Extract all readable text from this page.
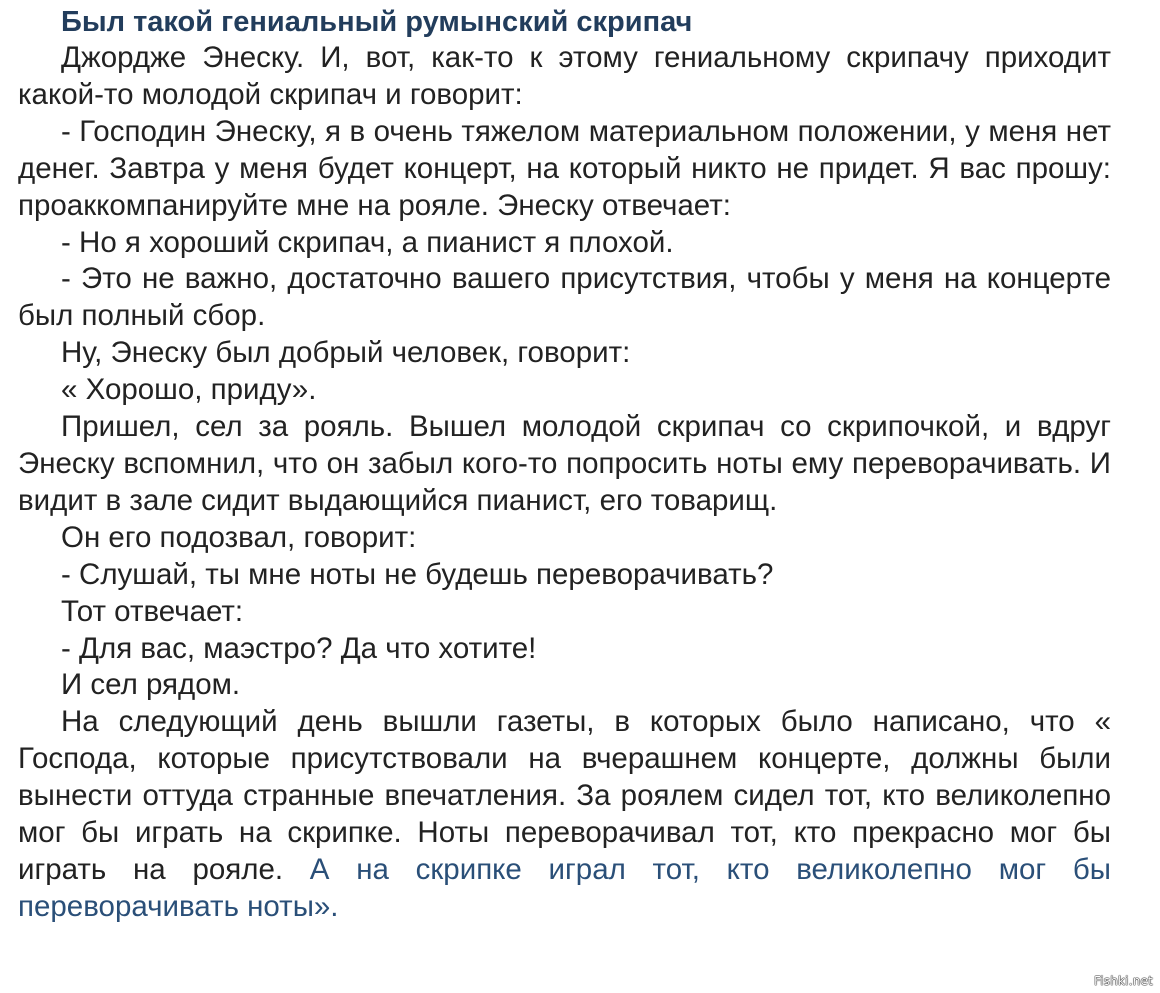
Был такой гениальный румынский скрипач

Джордже Энеску. И, вот, как-то к этому гениальному скрипачу приходит какой-то молодой скрипач и говорит:

- Господин Энеску, я в очень тяжелом материальном положении, у меня нет денег. Завтра у меня будет концерт, на который никто не придет. Я вас прошу: проаккомпанируйте мне на рояле. Энеску отвечает:

- Но я хороший скрипач, а пианист я плохой.

- Это не важно, достаточно вашего присутствия, чтобы у меня на концерте был полный сбор.

Ну, Энеску был добрый человек, говорит:

« Хорошо, приду».

Пришел, сел за рояль. Вышел молодой скрипач со скрипочкой, и вдруг Энеску вспомнил, что он забыл кого-то попросить ноты ему переворачивать. И видит в зале сидит выдающийся пианист, его товарищ.

Он его подозвал, говорит:

- Слушай, ты мне ноты не будешь переворачивать?

Тот отвечает:

- Для вас, маэстро? Да что хотите!

И сел рядом.

На следующий день вышли газеты, в которых было написано, что « Господа, которые присутствовали на вчерашнем концерте, должны были вынести оттуда странные впечатления. За роялем сидел тот, кто великолепно мог бы играть на скрипке. Ноты переворачивал тот, кто прекрасно мог бы играть на рояле. А на скрипке играл тот, кто великолепно мог бы переворачивать ноты».

Fishki.net
